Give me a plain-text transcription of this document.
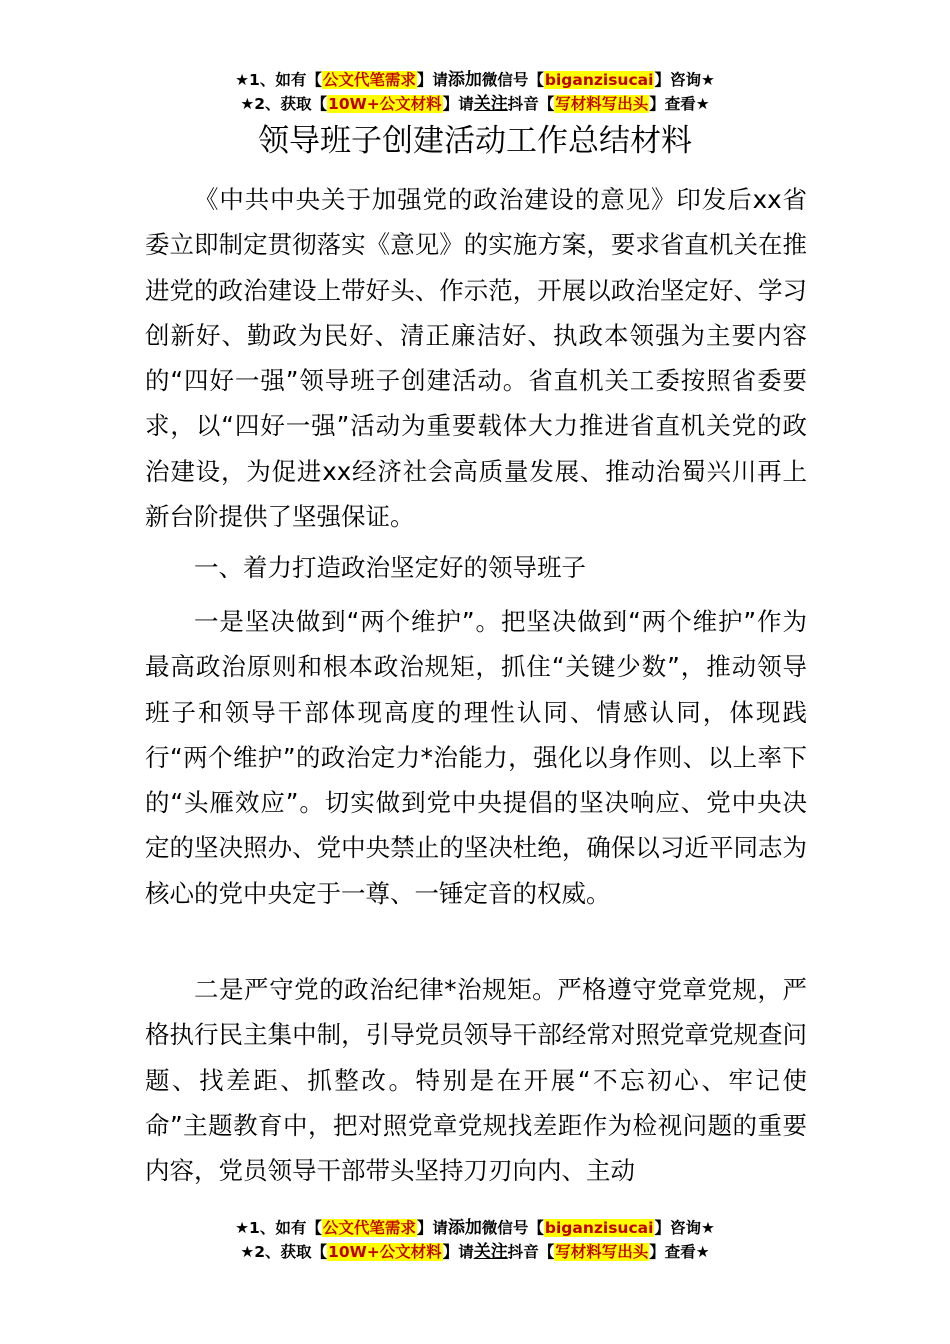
★1、如有【公文代笔需求】请添加微信号【biganzisucai】咨询★
★2、获取【10W+公文材料】请关注抖音【写材料写出头】查看★
领导班子创建活动工作总结材料

《中共中央关于加强党的政治建设的意见》印发后xx省委立即制定贯彻落实《意见》的实施方案，要求省直机关在推进党的政治建设上带好头、作示范，开展以政治坚定好、学习创新好、勤政为民好、清正廉洁好、执政本领强为主要内容的“四好一强”领导班子创建活动。省直机关工委按照省委要求，以“四好一强”活动为重要载体大力推进省直机关党的政治建设，为促进xx经济社会高质量发展、推动治蜀兴川再上新台阶提供了坚强保证。

一、着力打造政治坚定好的领导班子

一是坚决做到“两个维护”。把坚决做到“两个维护”作为最高政治原则和根本政治规矩，抓住“关键少数”，推动领导班子和领导干部体现高度的理性认同、情感认同，体现践行“两个维护”的政治定力*治能力，强化以身作则、以上率下的“头雁效应”。切实做到党中央提倡的坚决响应、党中央决定的坚决照办、党中央禁止的坚决杜绝，确保以习近平同志为核心的党中央定于一尊、一锤定音的权威。

二是严守党的政治纪律*治规矩。严格遵守党章党规，严格执行民主集中制，引导党员领导干部经常对照党章党规查问题、找差距、抓整改。特别是在开展“不忘初心、牢记使命”主题教育中，把对照党章党规找差距作为检视问题的重要内容，党员领导干部带头坚持刀刃向内、主动

★1、如有【公文代笔需求】请添加微信号【biganzisucai】咨询★
★2、获取【10W+公文材料】请关注抖音【写材料写出头】查看★
